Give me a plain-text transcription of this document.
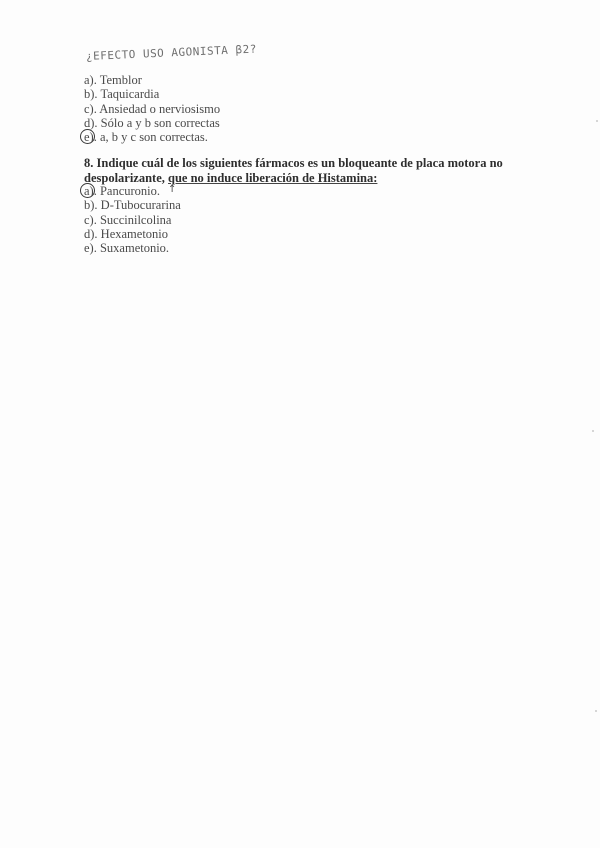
¿EFECTO USO AGONISTA β2?
a). Temblor
b). Taquicardia
c). Ansiedad o nerviosismo
d). Sólo a y b son correctas
e). a, b y c son correctas.
8. Indique cuál de los siguientes fármacos es un bloqueante de placa motora no
despolarizante, que no induce liberación de Histamina:
a). Pancuronio.
b). D-Tubocurarina
c). Succinilcolina
d). Hexametonio
e). Suxametonio.
↑
